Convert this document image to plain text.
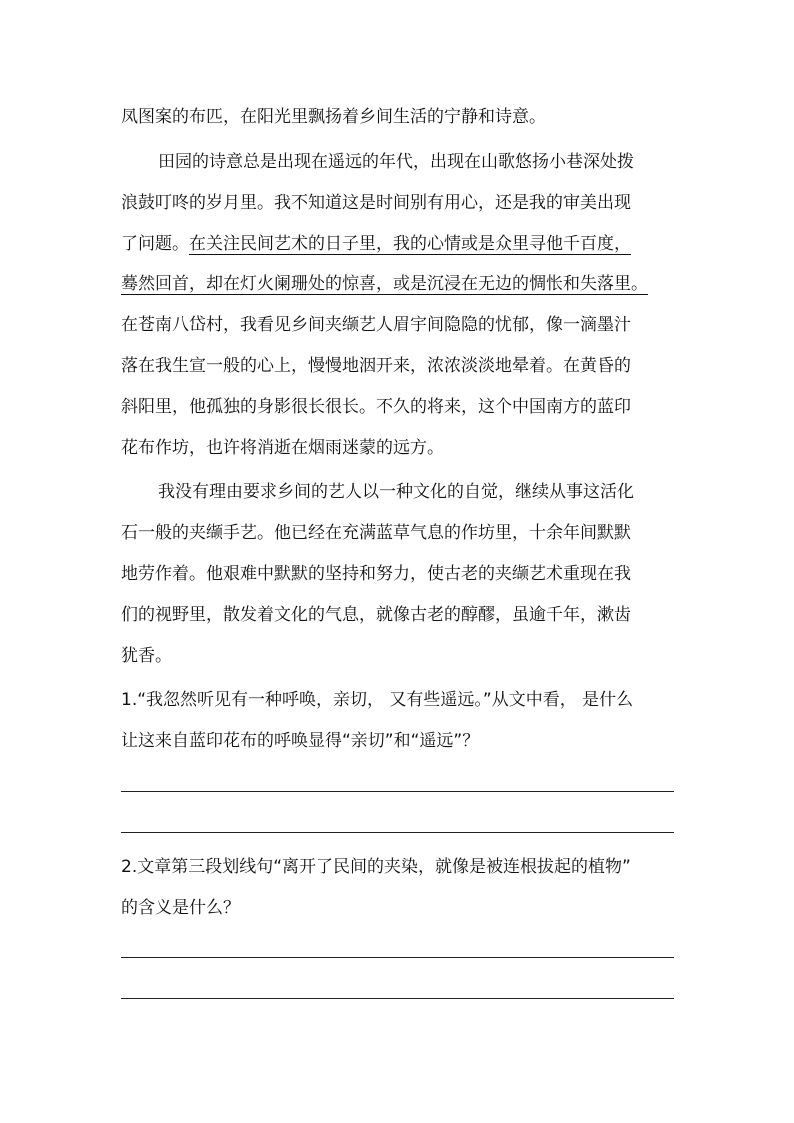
凤图案的布匹，在阳光里飘扬着乡间生活的宁静和诗意。
田园的诗意总是出现在遥远的年代，出现在山歌悠扬小巷深处拨
浪鼓叮咚的岁月里。我不知道这是时间别有用心，还是我的审美出现
了问题。在关注民间艺术的日子里，我的心情或是众里寻他千百度，
蓦然回首，却在灯火阑珊处的惊喜，或是沉浸在无边的惆怅和失落里。
在苍南八岱村，我看见乡间夹缬艺人眉宇间隐隐的忧郁，像一滴墨汁
落在我生宣一般的心上，慢慢地洇开来，浓浓淡淡地晕着。在黄昏的
斜阳里，他孤独的身影很长很长。不久的将来，这个中国南方的蓝印
花布作坊，也许将消逝在烟雨迷蒙的远方。
我没有理由要求乡间的艺人以一种文化的自觉，继续从事这活化
石一般的夹缬手艺。他已经在充满蓝草气息的作坊里，十余年间默默
地劳作着。他艰难中默默的坚持和努力，使古老的夹缬艺术重现在我
们的视野里，散发着文化的气息，就像古老的醇醪，虽逾千年，漱齿
犹香。
1.“我忽然听见有一种呼唤，亲切， 又有些遥远。”从文中看， 是什么
让这来自蓝印花布的呼唤显得“亲切”和“遥远”？
2.文章第三段划线句“离开了民间的夹染，就像是被连根拔起的植物”
的含义是什么？
